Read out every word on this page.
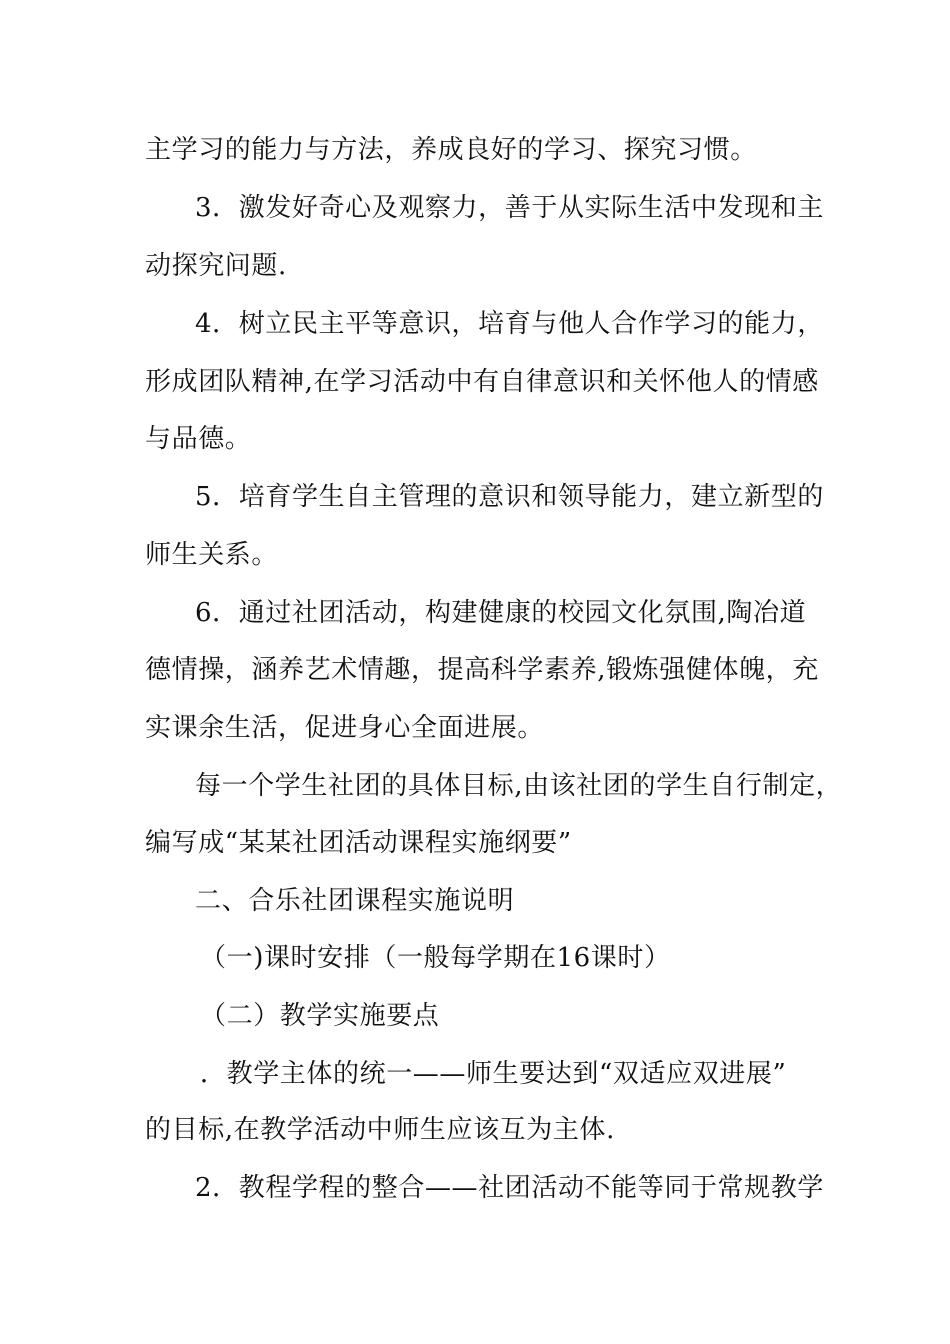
主学习的能力与方法，养成良好的学习、探究习惯。
3．激发好奇心及观察力，善于从实际生活中发现和主
动探究问题.
4．树立民主平等意识，培育与他人合作学习的能力，
形成团队精神,在学习活动中有自律意识和关怀他人的情感
与品德。
5．培育学生自主管理的意识和领导能力，建立新型的
师生关系。
6．通过社团活动，构建健康的校园文化氛围,陶冶道
德情操，涵养艺术情趣，提高科学素养,锻炼强健体魄，充
实课余生活，促进身心全面进展。
每一个学生社团的具体目标,由该社团的学生自行制定，
编写成“某某社团活动课程实施纲要”
二、合乐社团课程实施说明
（一)课时安排（一般每学期在16课时）
（二）教学实施要点
．教学主体的统一——师生要达到“双适应双进展”
的目标,在教学活动中师生应该互为主体.
2．教程学程的整合——社团活动不能等同于常规教学
